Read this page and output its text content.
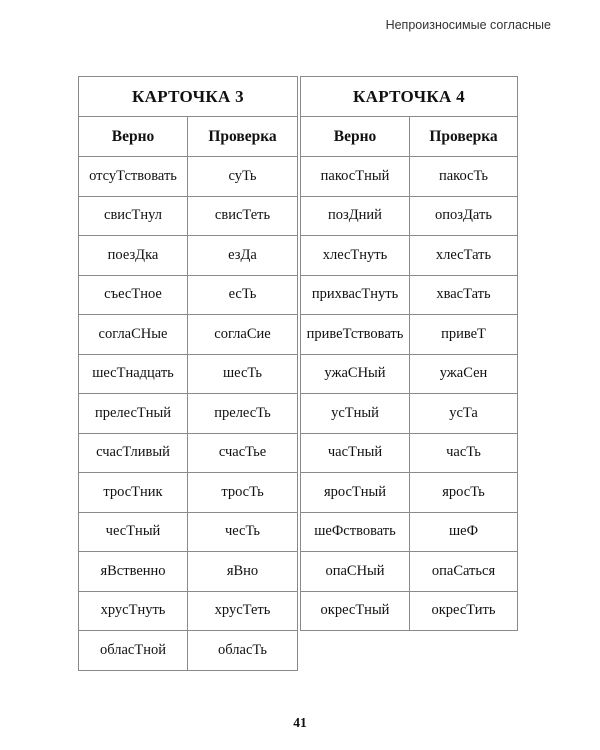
Непроизносимые согласные
КАРТОЧКА 3	
Верно	Проверка
отсуТствовать	суТь
свисТнул	свисТеть
поезДка	езДа
съесТное	есТь
соглаСНые	соглаСие
шесТнадцать	шесТь
прелесТный	прелесТь
счасТливый	счасТье
тросТник	тросТь
чесТный	чесТь
яВственно	яВно
хрусТнуть	хрусТеть
обласТной	обласТь
КАРТОЧКА 4	
Верно	Проверка
пакосТный	пакосТь
позДний	опозДать
хлесТнуть	хлесТать
прихвасТнуть	хвасТать
привеТствовать	привеТ
ужаСНый	ужаСен
усТный	усТа
часТный	часТь
яросТный	яросТь
шеФствовать	шеФ
опаСНый	опаСаться
окресТный	окресТить
41
